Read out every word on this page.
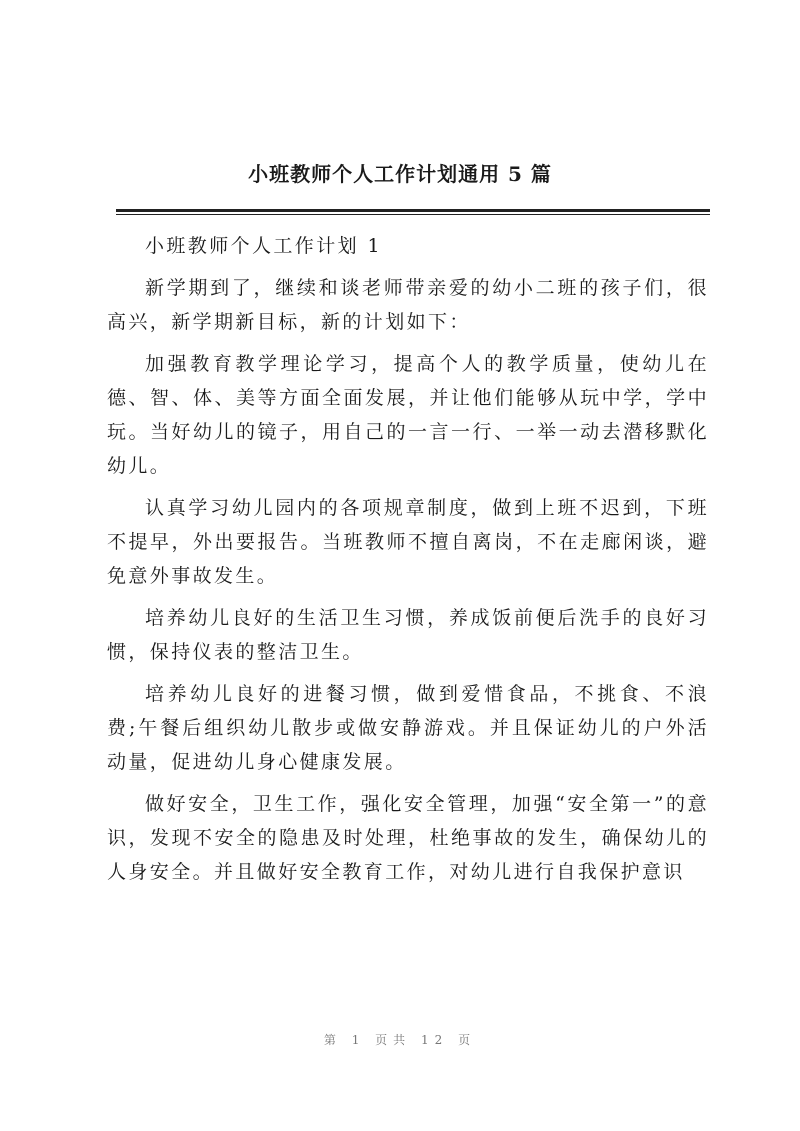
小班教师个人工作计划通用 5 篇

小班教师个人工作计划 1

新学期到了，继续和谈老师带亲爱的幼小二班的孩子们，很高兴，新学期新目标，新的计划如下：

加强教育教学理论学习，提高个人的教学质量，使幼儿在德、智、体、美等方面全面发展，并让他们能够从玩中学，学中玩。当好幼儿的镜子，用自己的一言一行、一举一动去潜移默化幼儿。

认真学习幼儿园内的各项规章制度，做到上班不迟到，下班不提早，外出要报告。当班教师不擅自离岗，不在走廊闲谈，避免意外事故发生。

培养幼儿良好的生活卫生习惯，养成饭前便后洗手的良好习惯，保持仪表的整洁卫生。

培养幼儿良好的进餐习惯，做到爱惜食品，不挑食、不浪费;午餐后组织幼儿散步或做安静游戏。并且保证幼儿的户外活动量，促进幼儿身心健康发展。

做好安全，卫生工作，强化安全管理，加强“安全第一”的意识，发现不安全的隐患及时处理，杜绝事故的发生，确保幼儿的人身安全。并且做好安全教育工作，对幼儿进行自我保护意识

第 1 页共 12 页
